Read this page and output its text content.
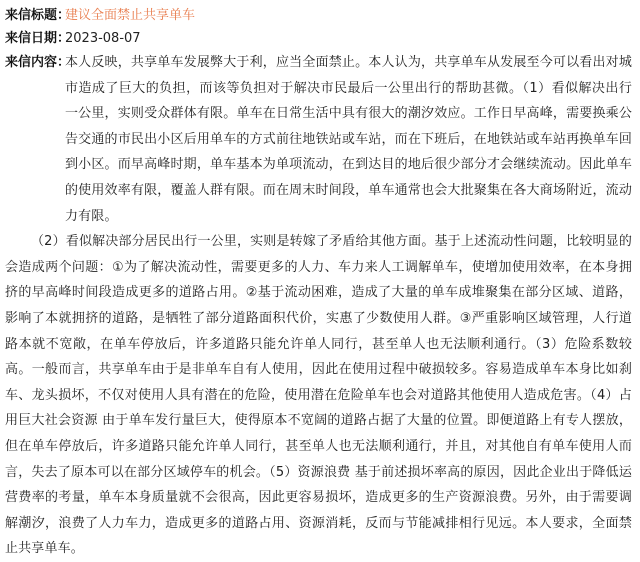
来信标题：
建议全面禁止共享单车
来信日期：
2023-08-07
来信内容：

本人反映，共享单车发展弊大于利，应当全面禁止。本人认为，共享单车从发展至今可以看出对城市造成了巨大的负担，而该等负担对于解决市民最后一公里出行的帮助甚微。（1）看似解决出行一公里，实则受众群体有限。单车在日常生活中具有很大的潮汐效应。工作日早高峰，需要换乘公告交通的市民出小区后用单车的方式前往地铁站或车站，而在下班后，在地铁站或车站再换单车回到小区。而早高峰时期，单车基本为单项流动，在到达目的地后很少部分才会继续流动。因此单车的使用效率有限，覆盖人群有限。而在周末时间段，单车通常也会大批聚集在各大商场附近，流动力有限。

（2）看似解决部分居民出行一公里，实则是转嫁了矛盾给其他方面。基于上述流动性问题，比较明显的会造成两个问题：①为了解决流动性，需要更多的人力、车力来人工调解单车，使增加使用效率，在本身拥挤的早高峰时间段造成更多的道路占用。②基于流动困难，造成了大量的单车成堆聚集在部分区域、道路，影响了本就拥挤的道路，是牺牲了部分道路面积代价，实惠了少数使用人群。③严重影响区域管理，人行道路本就不宽敞，在单车停放后，许多道路只能允许单人同行，甚至单人也无法顺利通行。（3）危险系数较高。一般而言，共享单车由于是非单车自有人使用，因此在使用过程中破损较多。容易造成单车本身比如刹车、龙头损坏，不仅对使用人具有潜在的危险，使用潜在危险单车也会对道路其他使用人造成危害。（4）占用巨大社会资源 由于单车发行量巨大，使得原本不宽阔的道路占据了大量的位置。即便道路上有专人摆放，但在单车停放后，许多道路只能允许单人同行，甚至单人也无法顺利通行，并且，对其他自有单车使用人而言，失去了原本可以在部分区域停车的机会。（5）资源浪费 基于前述损坏率高的原因，因此企业出于降低运营费率的考量，单车本身质量就不会很高，因此更容易损坏，造成更多的生产资源浪费。另外，由于需要调解潮汐，浪费了人力车力，造成更多的道路占用、资源消耗，反而与节能减排相行见远。本人要求，全面禁止共享单车。
